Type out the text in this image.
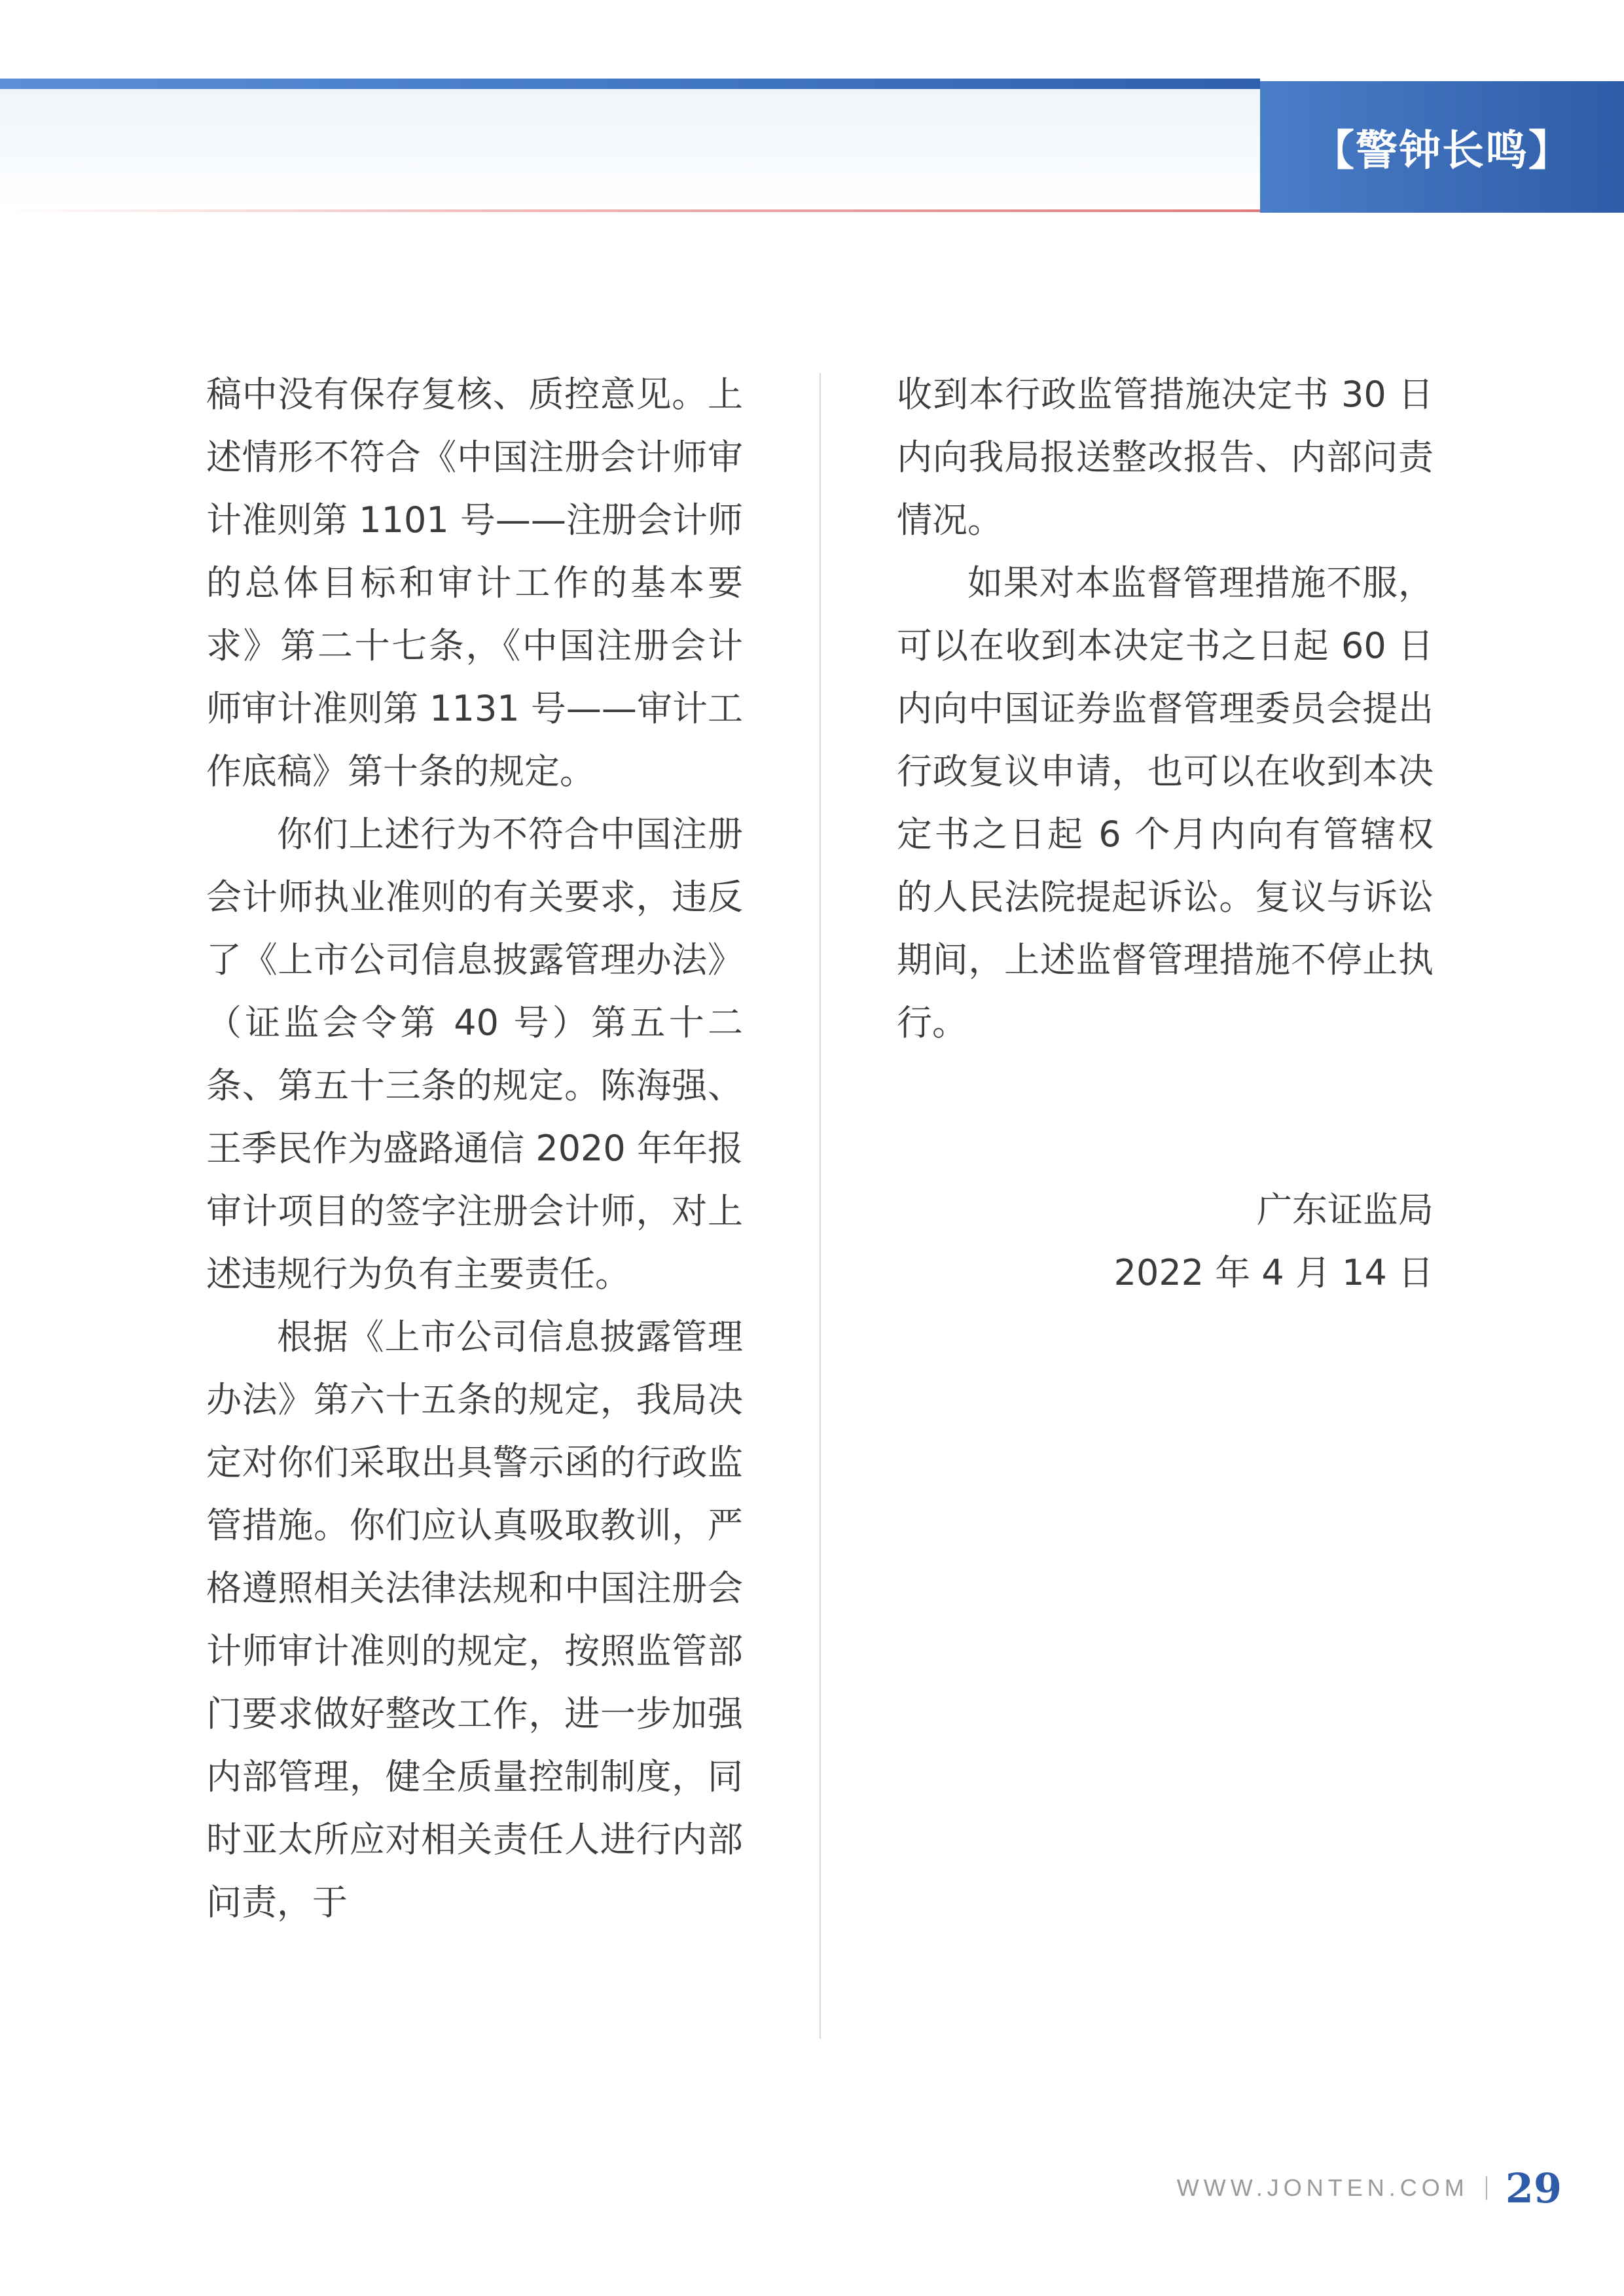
【警钟长鸣】

稿中没有保存复核、质控意见。上述情形不符合《中国注册会计师审计准则第 1101 号——注册会计师的总体目标和审计工作的基本要求》第二十七条，《中国注册会计师审计准则第 1131 号——审计工作底稿》第十条的规定。

你们上述行为不符合中国注册会计师执业准则的有关要求，违反了《上市公司信息披露管理办法》（证监会令第 40 号）第五十二条、第五十三条的规定。陈海强、王季民作为盛路通信 2020 年年报审计项目的签字注册会计师，对上述违规行为负有主要责任。

根据《上市公司信息披露管理办法》第六十五条的规定，我局决定对你们采取出具警示函的行政监管措施。你们应认真吸取教训，严格遵照相关法律法规和中国注册会计师审计准则的规定，按照监管部门要求做好整改工作，进一步加强内部管理，健全质量控制制度，同时亚太所应对相关责任人进行内部问责，于

收到本行政监管措施决定书 30 日内向我局报送整改报告、内部问责情况。

如果对本监督管理措施不服，可以在收到本决定书之日起 60 日内向中国证券监督管理委员会提出行政复议申请，也可以在收到本决定书之日起 6 个月内向有管辖权的人民法院提起诉讼。复议与诉讼期间，上述监督管理措施不停止执行。

广东证监局
2022 年 4 月 14 日
WWW.JONTEN.COM 29
